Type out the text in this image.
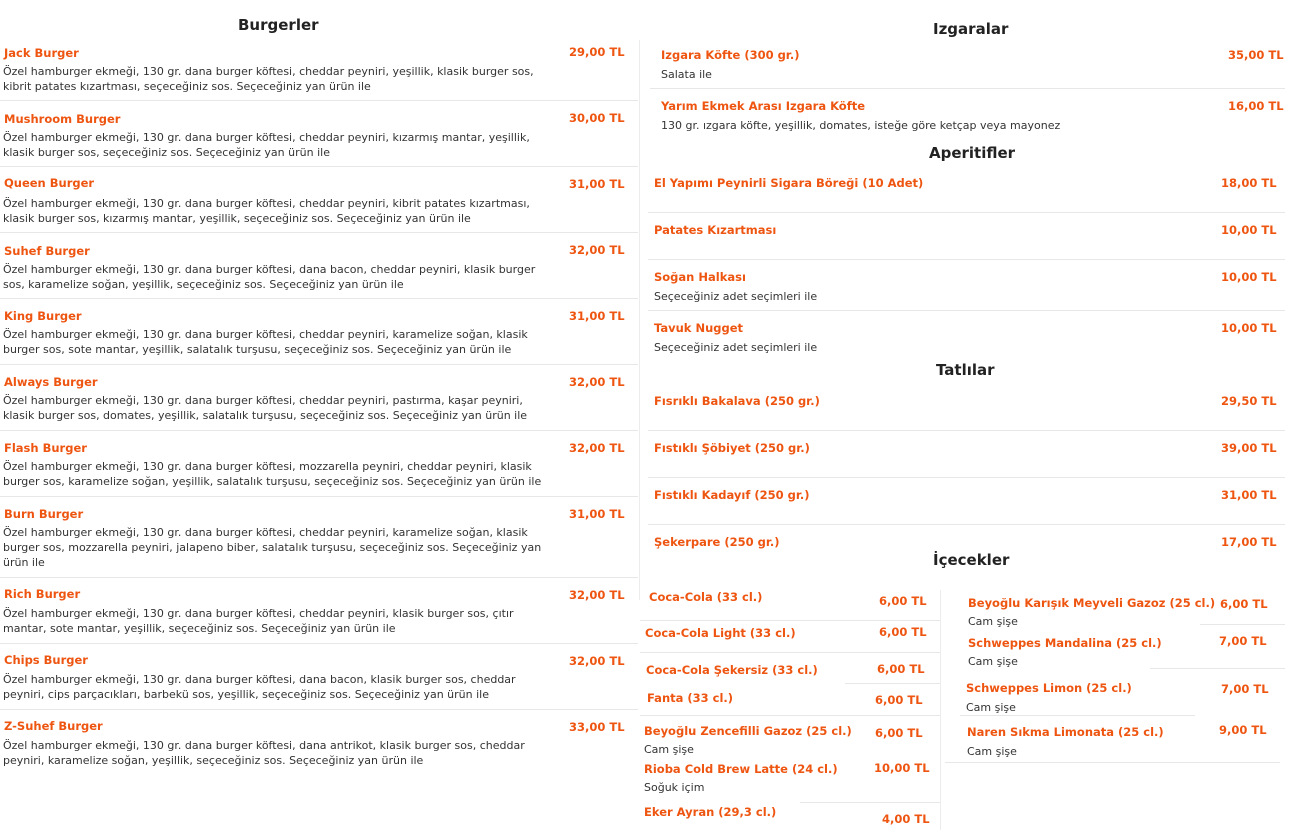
Burgerler
Jack Burger	29,00 TL
Özel hamburger ekmeği, 130 gr. dana burger köftesi, cheddar peyniri, yeşillik, klasik burger sos, kibrit patates kızartması, seçeceğiniz sos. Seçeceğiniz yan ürün ile
Mushroom Burger	30,00 TL
Özel hamburger ekmeği, 130 gr. dana burger köftesi, cheddar peyniri, kızarmış mantar, yeşillik, klasik burger sos, seçeceğiniz sos. Seçeceğiniz yan ürün ile
Queen Burger	31,00 TL
Özel hamburger ekmeği, 130 gr. dana burger köftesi, cheddar peyniri, kibrit patates kızartması, klasik burger sos, kızarmış mantar, yeşillik, seçeceğiniz sos. Seçeceğiniz yan ürün ile
Suhef Burger	32,00 TL
Özel hamburger ekmeği, 130 gr. dana burger köftesi, dana bacon, cheddar peyniri, klasik burger sos, karamelize soğan, yeşillik, seçeceğiniz sos. Seçeceğiniz yan ürün ile
King Burger	31,00 TL
Özel hamburger ekmeği, 130 gr. dana burger köftesi, cheddar peyniri, karamelize soğan, klasik burger sos, sote mantar, yeşillik, salatalık turşusu, seçeceğiniz sos. Seçeceğiniz yan ürün ile
Always Burger	32,00 TL
Özel hamburger ekmeği, 130 gr. dana burger köftesi, cheddar peyniri, pastırma, kaşar peyniri, klasik burger sos, domates, yeşillik, salatalık turşusu, seçeceğiniz sos. Seçeceğiniz yan ürün ile
Flash Burger	32,00 TL
Özel hamburger ekmeği, 130 gr. dana burger köftesi, mozzarella peyniri, cheddar peyniri, klasik burger sos, karamelize soğan, yeşillik, salatalık turşusu, seçeceğiniz sos. Seçeceğiniz yan ürün ile
Burn Burger	31,00 TL
Özel hamburger ekmeği, 130 gr. dana burger köftesi, cheddar peyniri, karamelize soğan, klasik burger sos, mozzarella peyniri, jalapeno biber, salatalık turşusu, seçeceğiniz sos. Seçeceğiniz yan ürün ile
Rich Burger	32,00 TL
Özel hamburger ekmeği, 130 gr. dana burger köftesi, cheddar peyniri, klasik burger sos, çıtır mantar, sote mantar, yeşillik, seçeceğiniz sos. Seçeceğiniz yan ürün ile
Chips Burger	32,00 TL
Özel hamburger ekmeği, 130 gr. dana burger köftesi, dana bacon, klasik burger sos, cheddar peyniri, cips parçacıkları, barbekü sos, yeşillik, seçeceğiniz sos. Seçeceğiniz yan ürün ile
Z-Suhef Burger	33,00 TL
Özel hamburger ekmeği, 130 gr. dana burger köftesi, dana antrikot, klasik burger sos, cheddar peyniri, karamelize soğan, yeşillik, seçeceğiniz sos. Seçeceğiniz yan ürün ile
Izgaralar
Izgara Köfte (300 gr.)	35,00 TL
Salata ile
Yarım Ekmek Arası Izgara Köfte	16,00 TL
130 gr. ızgara köfte, yeşillik, domates, isteğe göre ketçap veya mayonez
Aperitifler
El Yapımı Peynirli Sigara Böreği (10 Adet)	18,00 TL
Patates Kızartması	10,00 TL
Soğan Halkası	10,00 TL
Seçeceğiniz adet seçimleri ile
Tavuk Nugget	10,00 TL
Seçeceğiniz adet seçimleri ile
Tatlılar
Fısrıklı Bakalava (250 gr.)	29,50 TL
Fıstıklı Şöbiyet (250 gr.)	39,00 TL
Fıstıklı Kadayıf (250 gr.)	31,00 TL
Şekerpare (250 gr.)	17,00 TL
İçecekler
Coca-Cola (33 cl.)	6,00 TL
Coca-Cola Light (33 cl.)	6,00 TL
Coca-Cola Şekersiz (33 cl.)	6,00 TL
Fanta (33 cl.)	6,00 TL
Beyoğlu Zencefilli Gazoz (25 cl.) 6,00 TL
Cam şişe
Rioba Cold Brew Latte (24 cl.)	10,00 TL
Soğuk içim
Eker Ayran (29,3 cl.)	4,00 TL
Beyoğlu Karışık Meyveli Gazoz (25 cl.) 6,00 TL
Cam şişe
Schweppes Mandalina (25 cl.)	7,00 TL
Cam şişe
Schweppes Limon (25 cl.)	7,00 TL
Cam şişe
Naren Sıkma Limonata (25 cl.)	9,00 TL
Cam şişe
